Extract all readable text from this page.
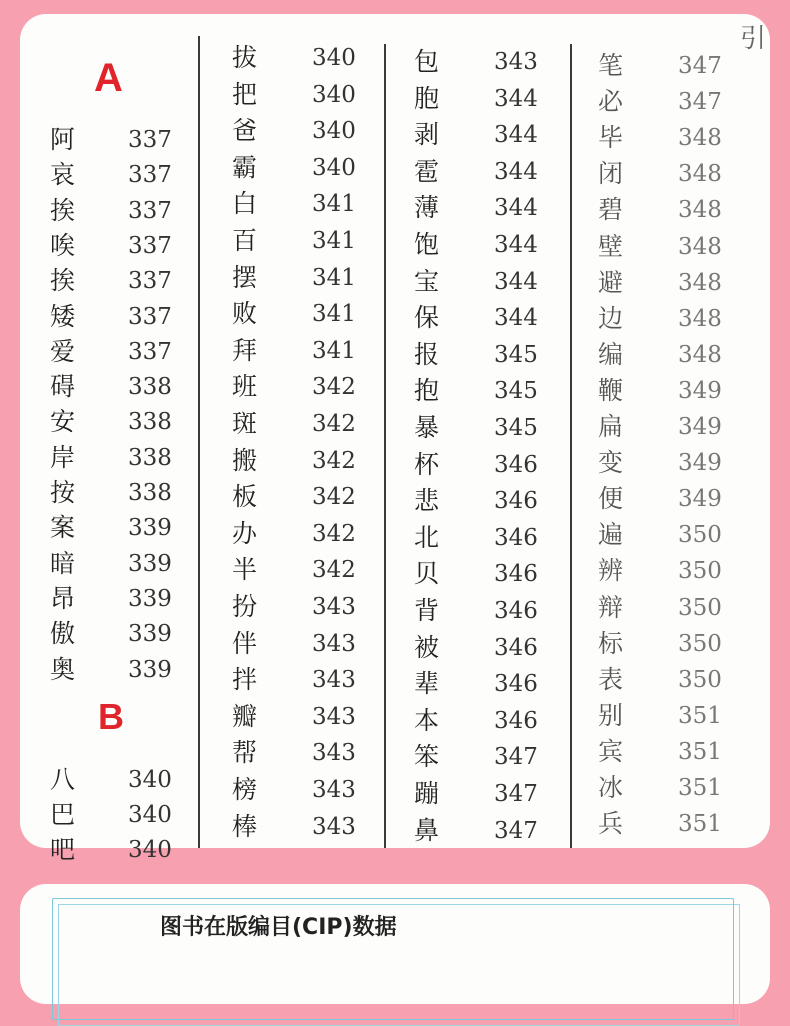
引
A
阿 337
哀 337
挨 337
唉 337
挨 337
矮 337
爱 337
碍 338
安 338
岸 338
按 338
案 339
暗 339
昂 339
傲 339
奥 339
B
八 340
巴 340
吧 340
拔 340
把 340
爸 340
霸 340
白 341
百 341
摆 341
败 341
拜 341
班 342
斑 342
搬 342
板 342
办 342
半 342
扮 343
伴 343
拌 343
瓣 343
帮 343
榜 343
棒 343
包 343
胞 344
剥 344
雹 344
薄 344
饱 344
宝 344
保 344
报 345
抱 345
暴 345
杯 346
悲 346
北 346
贝 346
背 346
被 346
辈 346
本 346
笨 347
蹦 347
鼻 347
笔 347
必 347
毕 348
闭 348
碧 348
壁 348
避 348
边 348
编 348
鞭 349
扁 349
变 349
便 349
遍 350
辨 350
辩 350
标 350
表 350
别 351
宾 351
冰 351
兵 351
图书在版编目(CIP)数据
